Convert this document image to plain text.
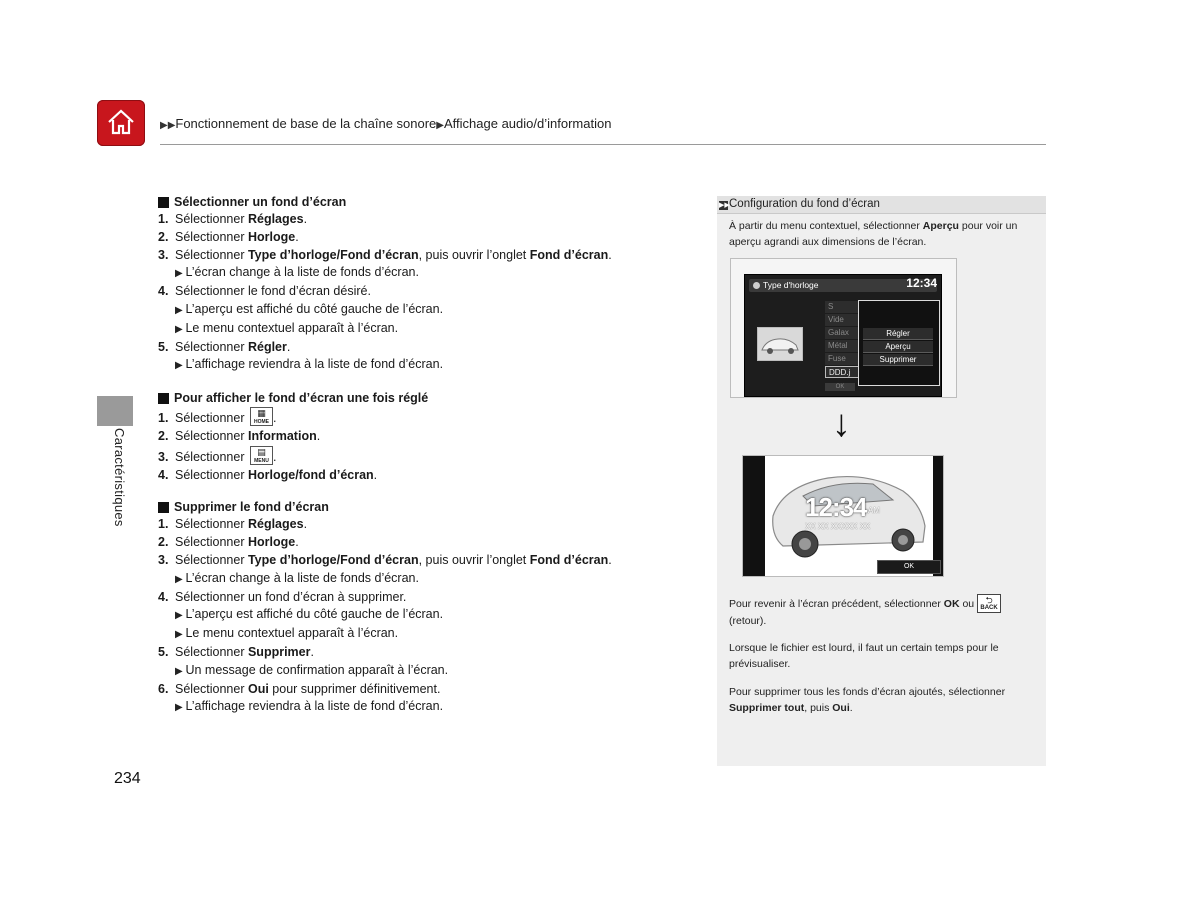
▶▶Fonctionnement de base de la chaîne sonore▶Affichage audio/d’information
Caractéristiques
Sélectionner un fond d’écran
1. Sélectionner Réglages.
2. Sélectionner Horloge.
3. Sélectionner Type d’horloge/Fond d’écran, puis ouvrir l’onglet Fond d’écran.
▶ L’écran change à la liste de fonds d’écran.
4. Sélectionner le fond d’écran désiré.
▶ L’aperçu est affiché du côté gauche de l’écran.
▶ Le menu contextuel apparaît à l’écran.
5. Sélectionner Régler.
▶ L’affichage reviendra à la liste de fond d’écran.
Pour afficher le fond d’écran une fois réglé
1. Sélectionner	▦
HOME .
2. Sélectionner Information.
3. Sélectionner	▤
MENU .
4. Sélectionner Horloge/fond d’écran.
Supprimer le fond d’écran
1. Sélectionner Réglages.
2. Sélectionner Horloge.
3. Sélectionner Type d’horloge/Fond d’écran, puis ouvrir l’onglet Fond d’écran.
▶ L’écran change à la liste de fonds d’écran.
4. Sélectionner un fond d’écran à supprimer.
▶ L’aperçu est affiché du côté gauche de l’écran.
▶ Le menu contextuel apparaît à l’écran.
5. Sélectionner Supprimer.
▶ Un message de confirmation apparaît à l’écran.
6. Sélectionner Oui pour supprimer définitivement.
▶ L’affichage reviendra à la liste de fond d’écran.
▶▶Configuration du fond d’écran

À partir du menu contextuel, sélectionner Aperçu pour voir un aperçu agrandi aux dimensions de l’écran.

Pour revenir à l’écran précédent, sélectionner OK ou ⮌
BACK
(retour).

Lorsque le fichier est lourd, il faut un certain temps pour le prévisualiser.

Pour supprimer tous les fonds d’écran ajoutés, sélectionner Supprimer tout, puis Oui.

Type d'horloge	12:34
S
Vide
Galax
Métal
Fuse
DDD.j
OK
Régler
Aperçu
Supprimer
↓
12:34 AM
XX XX XXXXX XX
OK
234
